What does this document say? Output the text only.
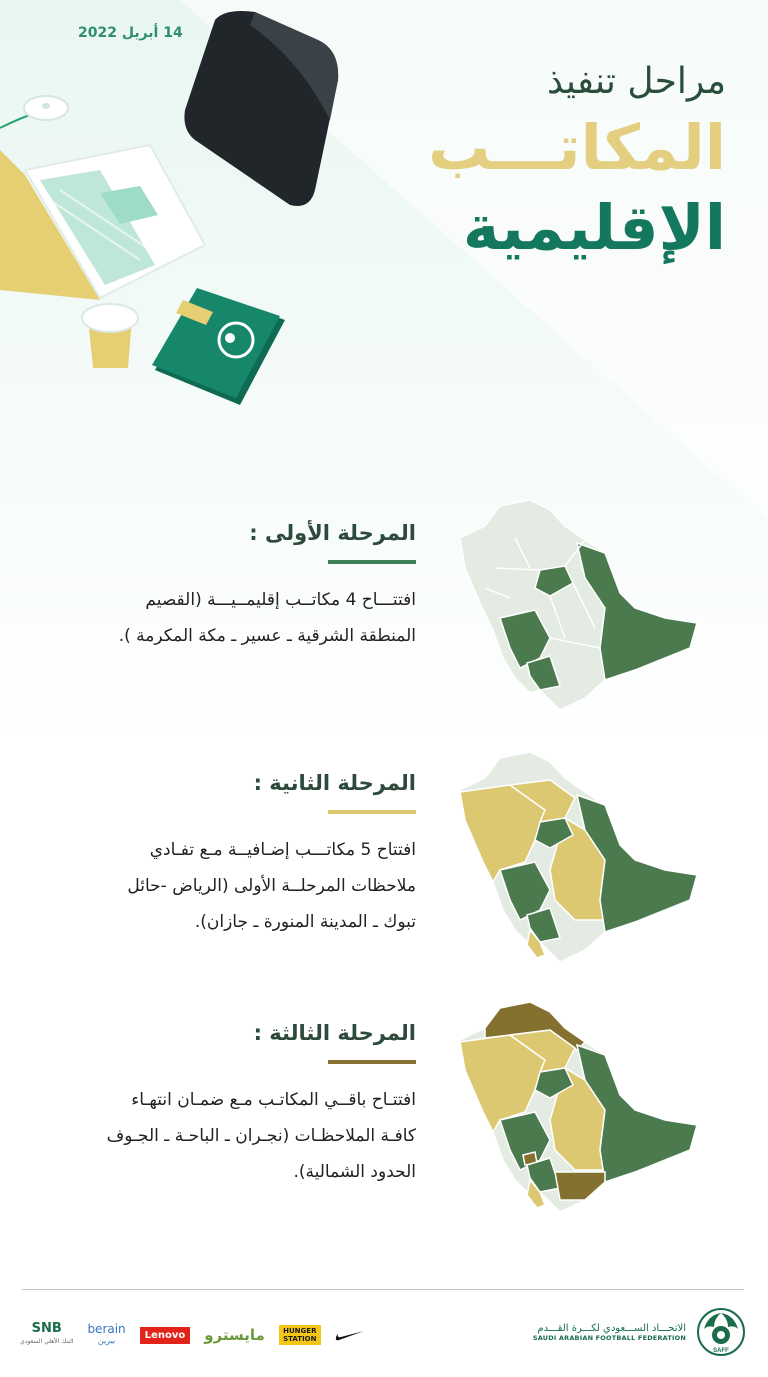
14 أبريل 2022
مراحل تنفيذ
المكاتـــب
الإقليمية
المرحلة الأولى :

افتتـــاح 4 مكاتــب إقليمــيـــة (القصيم

المنطقة الشرقية ـ عسير ـ مكة المكرمة ).

المرحلة الثانية :

افتتاح 5 مكاتـــب إضـافيــة مـع تفـادي

ملاحظات المرحلــة الأولى (الرياض -حائل

تبوك ـ المدينة المنورة ـ جازان).

المرحلة الثالثة :

افتتـاح باقــي المكاتـب مـع ضمـان انتهـاء

كافـة الملاحظـات (نجـران ـ الباحـة ـ الجـوف

الحدود الشمالية).

SNB
البنك الأهلي السعودي
berain
بيرين	Lenovo	مايسترو	HUNGER STATION
الاتحـــاد الســـعودي لكـــرة القـــدم
SAUDI ARABIAN FOOTBALL FEDERATION
SAFF
